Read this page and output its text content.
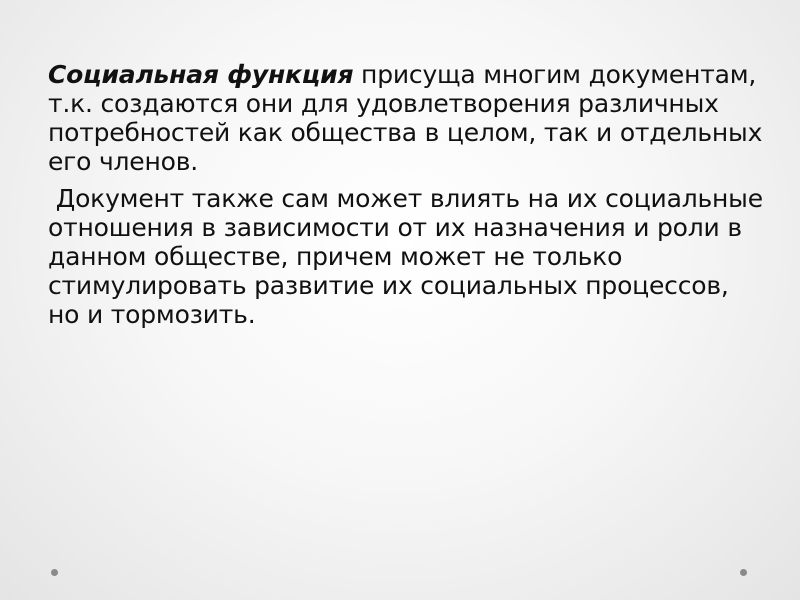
Социальная функция присуща многим документам, т.к. создаются они для удовлетворения различных потребностей как общества в целом, так и отдельных его членов.

Документ также сам может влиять на их социальные отношения в зависимости от их назначения и роли в данном обществе, причем может не только стимулировать развитие их социальных процессов, но и тормозить.
